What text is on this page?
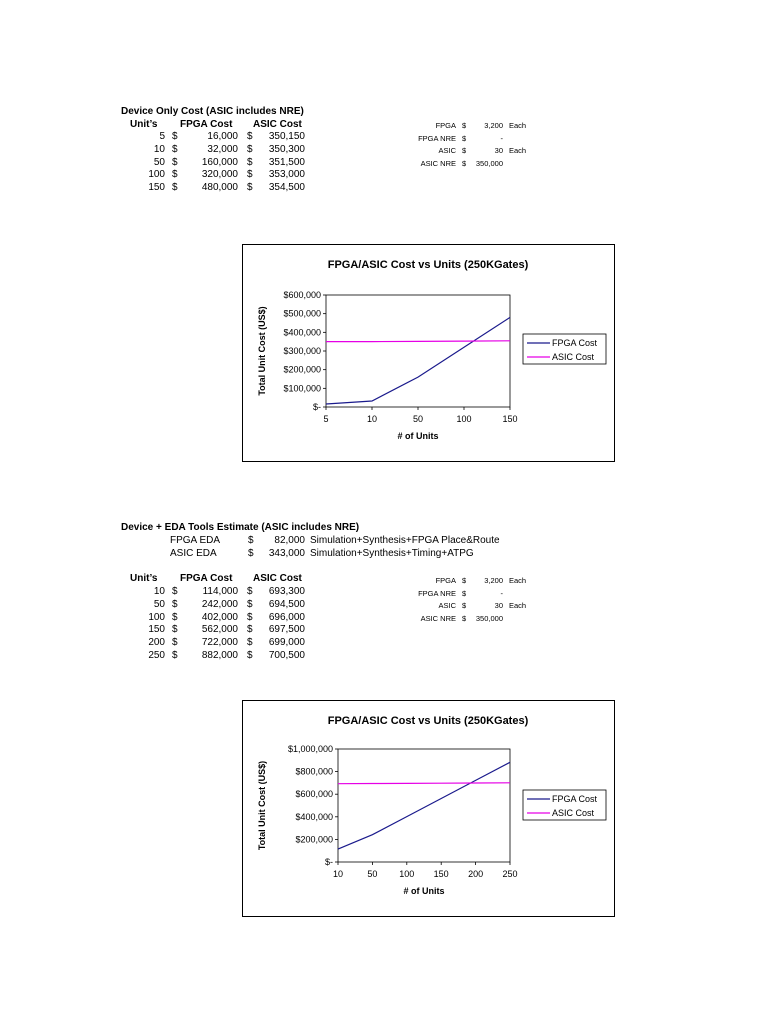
Device Only Cost (ASIC includes NRE)
Unit’s FPGA Cost ASIC Cost
5 $	16,000 $	350,150
10 $	32,000 $	350,300
50 $	160,000 $	351,500
100 $	320,000 $	353,000
150 $	480,000 $	354,500
FPGA $	3,200 Each
FPGA NRE $	-
ASIC $	30 Each
ASIC NRE $	350,000
FPGA/ASIC Cost vs Units (250KGates)
$-
$100,000
$200,000
$300,000
$400,000
$500,000
$600,000
5	10	50	100	150
# of Units
Total Unit Cost (US$)	FPGA Cost
ASIC Cost
Device + EDA Tools Estimate (ASIC includes NRE)
FPGA EDA	$	82,000 Simulation+Synthesis+FPGA Place&Route
ASIC EDA	$	343,000 Simulation+Synthesis+Timing+ATPG
Unit’s FPGA Cost ASIC Cost
10 $	114,000 $	693,300
50 $	242,000 $	694,500
100 $	402,000 $	696,000
150 $	562,000 $	697,500
200 $	722,000 $	699,000
250 $	882,000 $	700,500
FPGA $	3,200 Each
FPGA NRE $	-
ASIC $	30 Each
ASIC NRE $	350,000
FPGA/ASIC Cost vs Units (250KGates)
$-
$200,000
$400,000
$600,000
$800,000
$1,000,000
10	50 100 150 200 250
# of Units
Total Unit Cost (US$)	FPGA Cost
ASIC Cost
